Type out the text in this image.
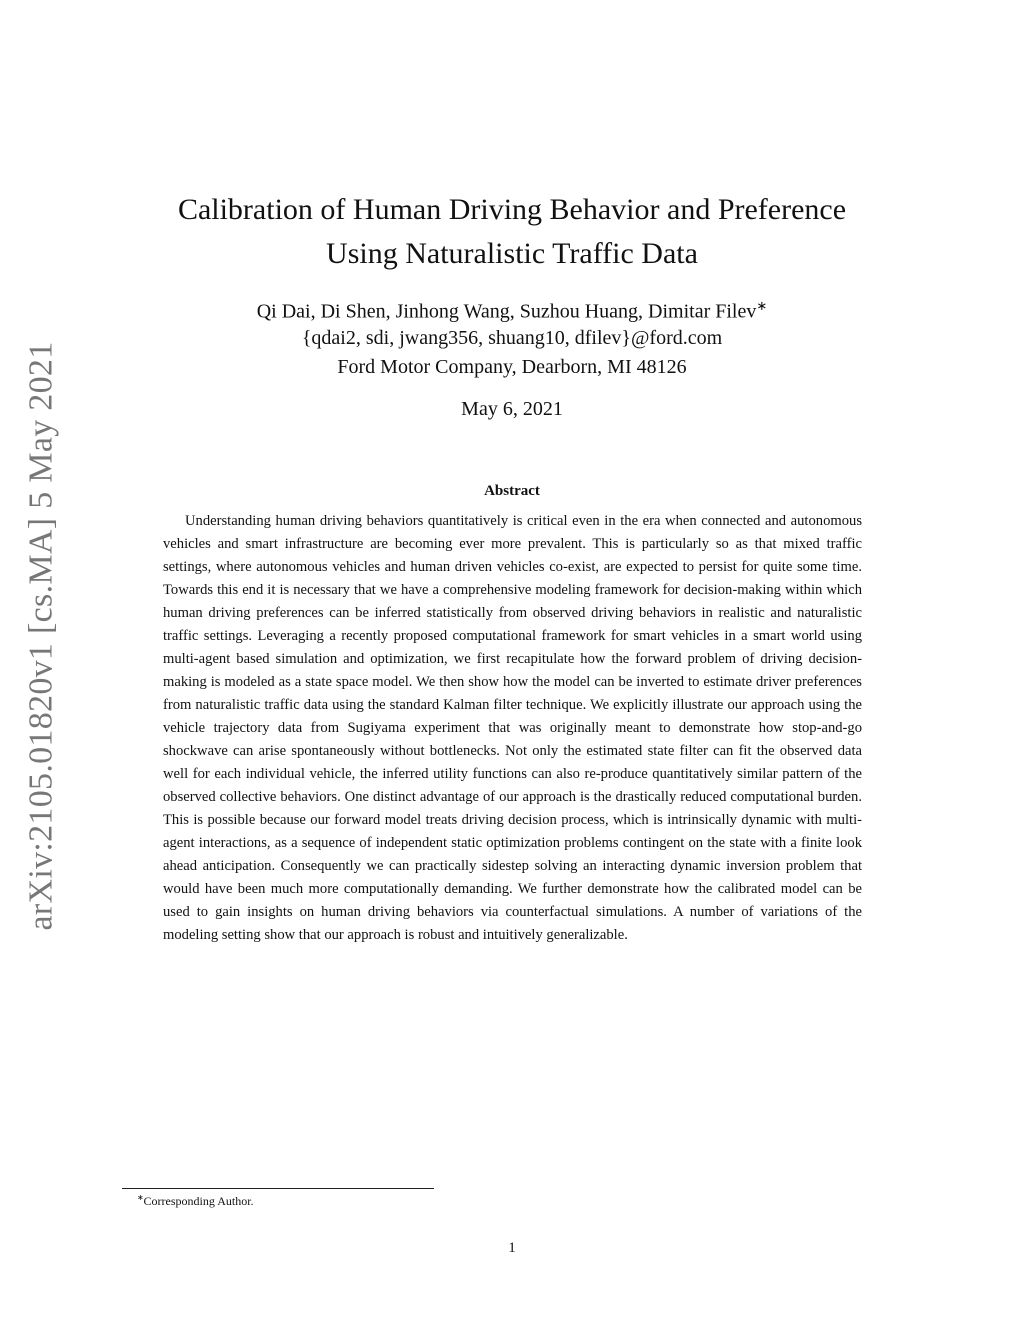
arXiv:2105.01820v1 [cs.MA] 5 May 2021
Calibration of Human Driving Behavior and Preference
Using Naturalistic Traffic Data
Qi Dai, Di Shen, Jinhong Wang, Suzhou Huang, Dimitar Filev∗
{qdai2, sdi, jwang356, shuang10, dfilev}@ford.com
Ford Motor Company, Dearborn, MI 48126
May 6, 2021
Abstract

Understanding human driving behaviors quantitatively is critical even in the era when connected and autonomous vehicles and smart infrastructure are becoming ever more prevalent. This is particularly so as that mixed traffic settings, where autonomous vehicles and human driven vehicles co-exist, are expected to persist for quite some time. Towards this end it is necessary that we have a comprehensive modeling framework for decision-making within which human driving preferences can be inferred statistically from observed driving behaviors in realistic and naturalistic traffic settings. Leveraging a recently proposed computational framework for smart vehicles in a smart world using multi-agent based simulation and optimization, we first recapitulate how the forward problem of driving decision-making is modeled as a state space model. We then show how the model can be inverted to estimate driver preferences from naturalistic traffic data using the standard Kalman filter technique. We explicitly illustrate our approach using the vehicle trajectory data from Sugiyama experiment that was originally meant to demonstrate how stop-and-go shockwave can arise spontaneously without bottlenecks. Not only the estimated state filter can fit the observed data well for each individual vehicle, the inferred utility functions can also re-produce quantitatively similar pattern of the observed collective behaviors. One distinct advantage of our approach is the drastically reduced computational burden. This is possible because our forward model treats driving decision process, which is intrinsically dynamic with multi-agent interactions, as a sequence of independent static optimization problems contingent on the state with a finite look ahead anticipation. Consequently we can practically sidestep solving an interacting dynamic inversion problem that would have been much more computationally demanding. We further demonstrate how the calibrated model can be used to gain insights on human driving behaviors via counterfactual simulations. A number of variations of the modeling setting show that our approach is robust and intuitively generalizable.

∗Corresponding Author.
1
